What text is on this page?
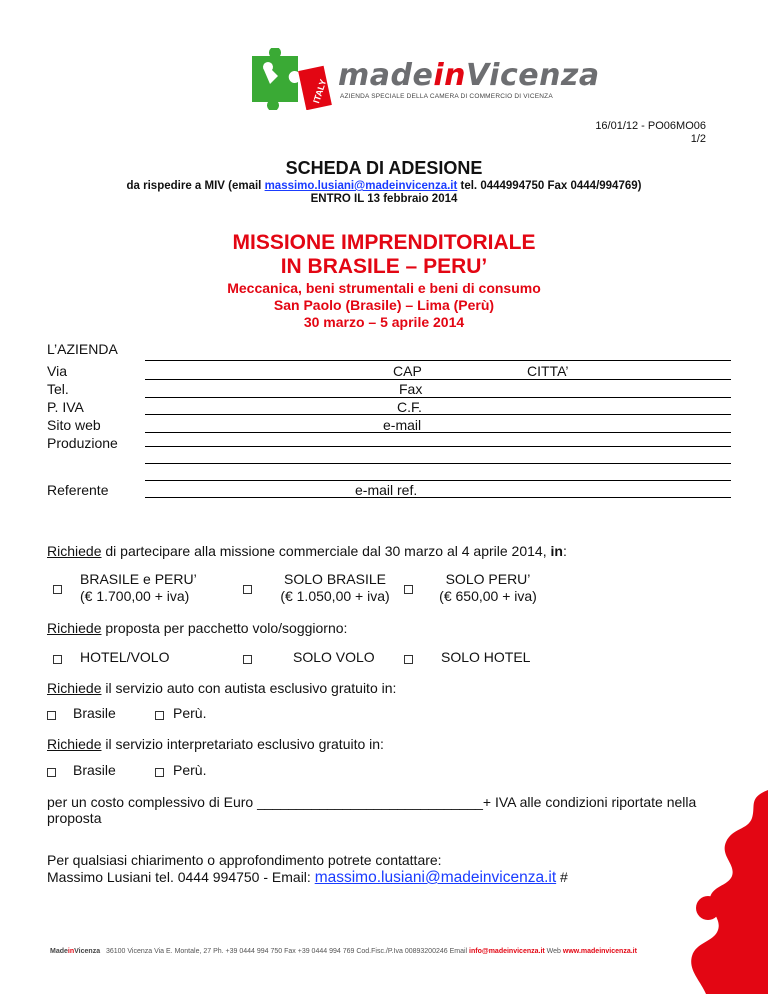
ITALY madeinVicenza
AZIENDA SPECIALE DELLA CAMERA DI COMMERCIO DI VICENZA
16/01/12 - PO06MO06
1/2
SCHEDA DI ADESIONE
da rispedire a MIV (email massimo.lusiani@madeinvicenza.it tel. 0444994750 Fax 0444/994769)
ENTRO IL 13 febbraio 2014
MISSIONE IMPRENDITORIALE
IN BRASILE – PERU’
Meccanica, beni strumentali e beni di consumo
San Paolo (Brasile) – Lima (Perù)
30 marzo – 5 aprile 2014
L’AZIENDA
Via	CAP	CITTA’
Tel.	Fax
P. IVA	C.F.
Sito web	e-mail
Produzione
Referente	e-mail ref.
Richiede di partecipare alla missione commerciale dal 30 marzo al 4 aprile 2014, in:
BRASILE e PERU’
(€ 1.700,00 + iva)
SOLO BRASILE
(€ 1.050,00 + iva)
SOLO PERU’
(€ 650,00 + iva)
Richiede proposta per pacchetto volo/soggiorno:
HOTEL/VOLO	SOLO VOLO	SOLO HOTEL
Richiede il servizio auto con autista esclusivo gratuito in:
Brasile	Perù.
Richiede il servizio interpretariato esclusivo gratuito in:
Brasile	Perù.
per un costo complessivo di Euro _____________________________+ IVA alle condizioni riportate nella
proposta
Per qualsiasi chiarimento o approfondimento potrete contattare:
Massimo Lusiani tel. 0444 994750 - Email: massimo.lusiani@madeinvicenza.it #
MadeinVicenza 36100 Vicenza Via E. Montale, 27 Ph. +39 0444 994 750 Fax +39 0444 994 769 Cod.Fisc./P.Iva 00893200246 Email info@madeinvicenza.it Web www.madeinvicenza.it
